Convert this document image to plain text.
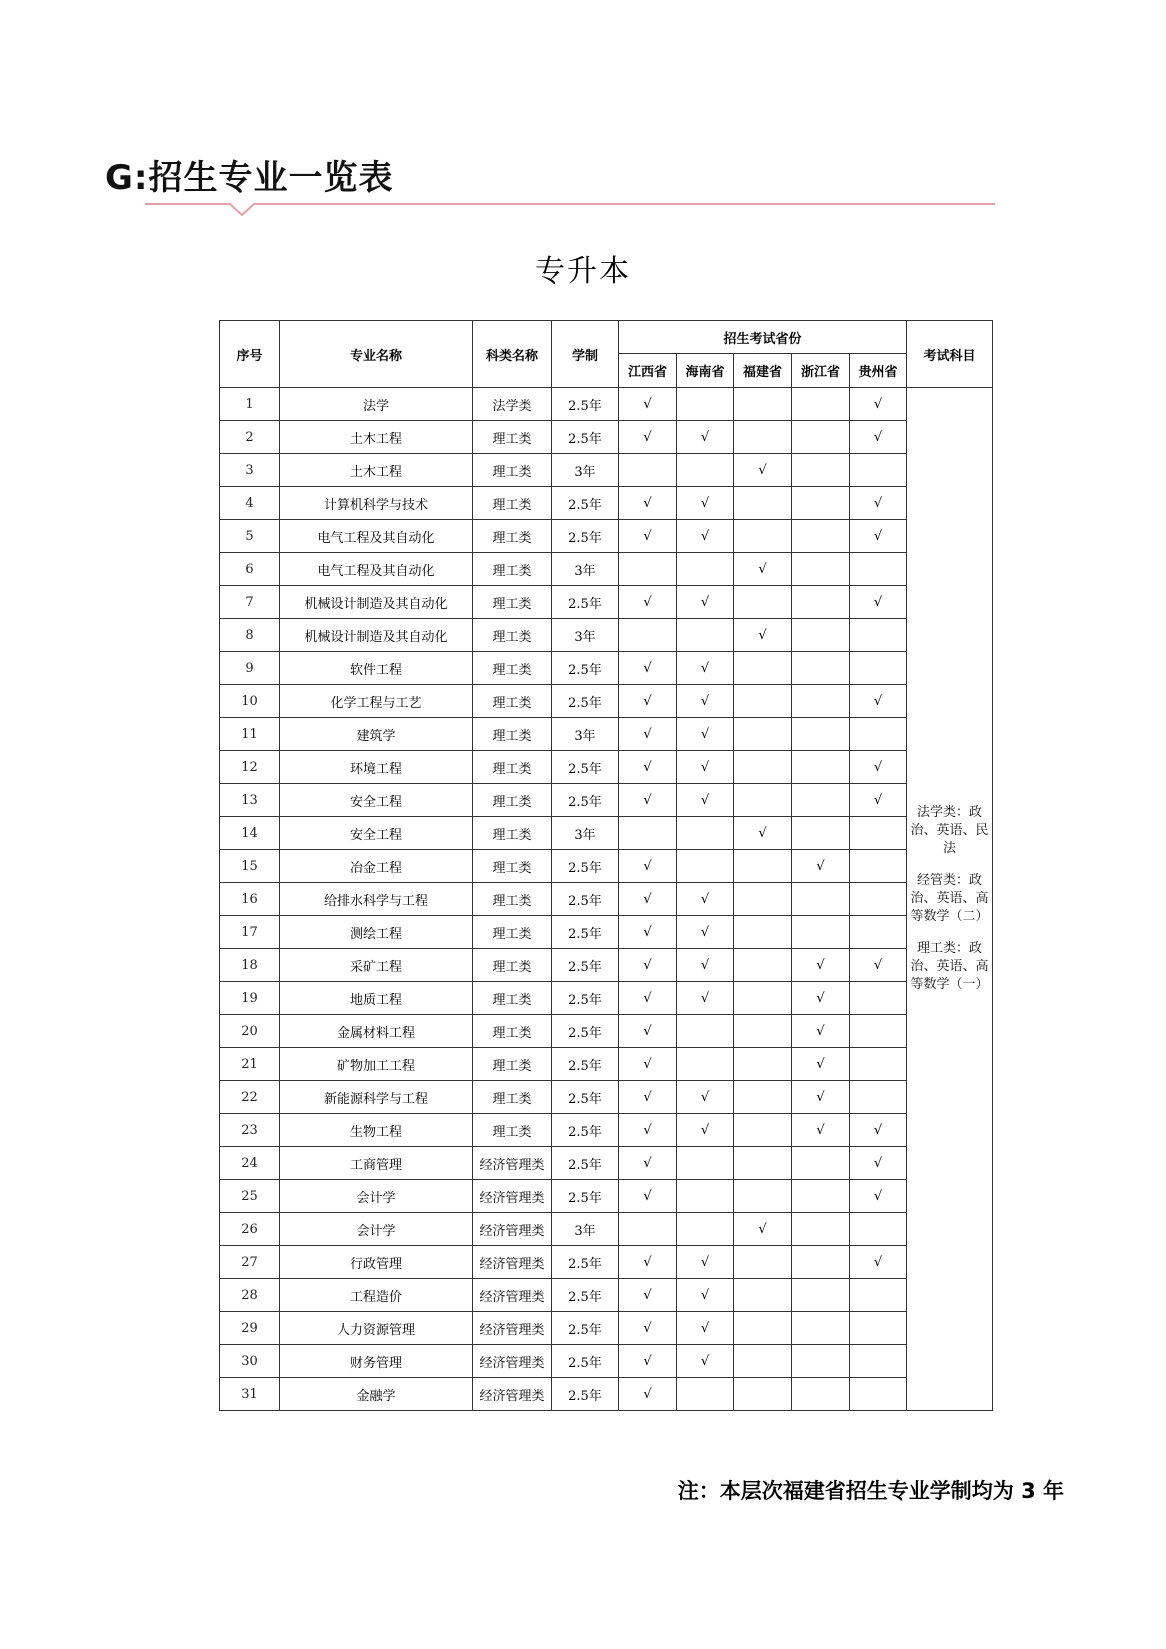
G:招生专业一览表
专升本
序号	专业名称	科类名称	学制	招生考试省份					考试科目
				江西省	海南省	福建省	浙江省	贵州省	
1	法学	法学类	2.5年	√				√	法学类：政治、英语、民法
经管类：政治、英语、高等数学（二）
理工类：政治、英语、高等数学（一）

2	土木工程	理工类	2.5年	√	√			√	
3	土木工程	理工类	3年			√			
4	计算机科学与技术	理工类	2.5年	√	√			√	
5	电气工程及其自动化	理工类	2.5年	√	√			√	
6	电气工程及其自动化	理工类	3年			√			
7	机械设计制造及其自动化	理工类	2.5年	√	√			√	
8	机械设计制造及其自动化	理工类	3年			√			
9	软件工程	理工类	2.5年	√	√				
10	化学工程与工艺	理工类	2.5年	√	√			√	
11	建筑学	理工类	3年	√	√				
12	环境工程	理工类	2.5年	√	√			√	
13	安全工程	理工类	2.5年	√	√			√	
14	安全工程	理工类	3年			√			
15	冶金工程	理工类	2.5年	√			√		
16	给排水科学与工程	理工类	2.5年	√	√				
17	测绘工程	理工类	2.5年	√	√				
18	采矿工程	理工类	2.5年	√	√		√	√	
19	地质工程	理工类	2.5年	√	√		√		
20	金属材料工程	理工类	2.5年	√			√		
21	矿物加工工程	理工类	2.5年	√			√		
22	新能源科学与工程	理工类	2.5年	√	√		√		
23	生物工程	理工类	2.5年	√	√		√	√	
24	工商管理	经济管理类	2.5年	√				√	
25	会计学	经济管理类	2.5年	√				√	
26	会计学	经济管理类	3年			√			
27	行政管理	经济管理类	2.5年	√	√			√	
28	工程造价	经济管理类	2.5年	√	√				
29	人力资源管理	经济管理类	2.5年	√	√				
30	财务管理	经济管理类	2.5年	√	√				
31	金融学	经济管理类	2.5年	√					
注：本层次福建省招生专业学制均为 3 年
